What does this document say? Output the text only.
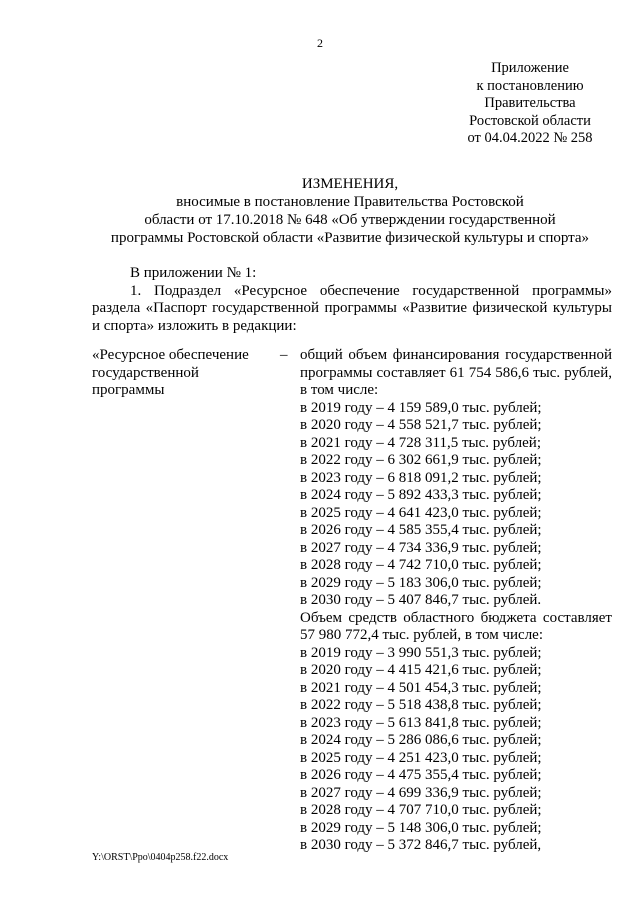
2
Приложение
к постановлению
Правительства
Ростовской области
от 04.04.2022 № 258
ИЗМЕНЕНИЯ,
вносимые в постановление Правительства Ростовской
области от 17.10.2018 № 648 «Об утверждении государственной
программы Ростовской области «Развитие физической культуры и спорта»
В приложении № 1:
1. Подраздел «Ресурсное обеспечение государственной программы» раздела «Паспорт государственной программы «Развитие физической культуры и спорта» изложить в редакции:
«Ресурсное обеспечение
государственной
программы
– общий объем финансирования государственной программы составляет 61 754 586,6 тыс. рублей, в том числе:
в 2019 году – 4 159 589,0 тыс. рублей;
в 2020 году – 4 558 521,7 тыс. рублей;
в 2021 году – 4 728 311,5 тыс. рублей;
в 2022 году – 6 302 661,9 тыс. рублей;
в 2023 году – 6 818 091,2 тыс. рублей;
в 2024 году – 5 892 433,3 тыс. рублей;
в 2025 году – 4 641 423,0 тыс. рублей;
в 2026 году – 4 585 355,4 тыс. рублей;
в 2027 году – 4 734 336,9 тыс. рублей;
в 2028 году – 4 742 710,0 тыс. рублей;
в 2029 году – 5 183 306,0 тыс. рублей;
в 2030 году – 5 407 846,7 тыс. рублей.
Объем средств областного бюджета составляет 57 980 772,4 тыс. рублей, в том числе:
в 2019 году – 3 990 551,3 тыс. рублей;
в 2020 году – 4 415 421,6 тыс. рублей;
в 2021 году – 4 501 454,3 тыс. рублей;
в 2022 году – 5 518 438,8 тыс. рублей;
в 2023 году – 5 613 841,8 тыс. рублей;
в 2024 году – 5 286 086,6 тыс. рублей;
в 2025 году – 4 251 423,0 тыс. рублей;
в 2026 году – 4 475 355,4 тыс. рублей;
в 2027 году – 4 699 336,9 тыс. рублей;
в 2028 году – 4 707 710,0 тыс. рублей;
в 2029 году – 5 148 306,0 тыс. рублей;
в 2030 году – 5 372 846,7 тыс. рублей,
Y:\ORST\Ppo\0404p258.f22.docx
